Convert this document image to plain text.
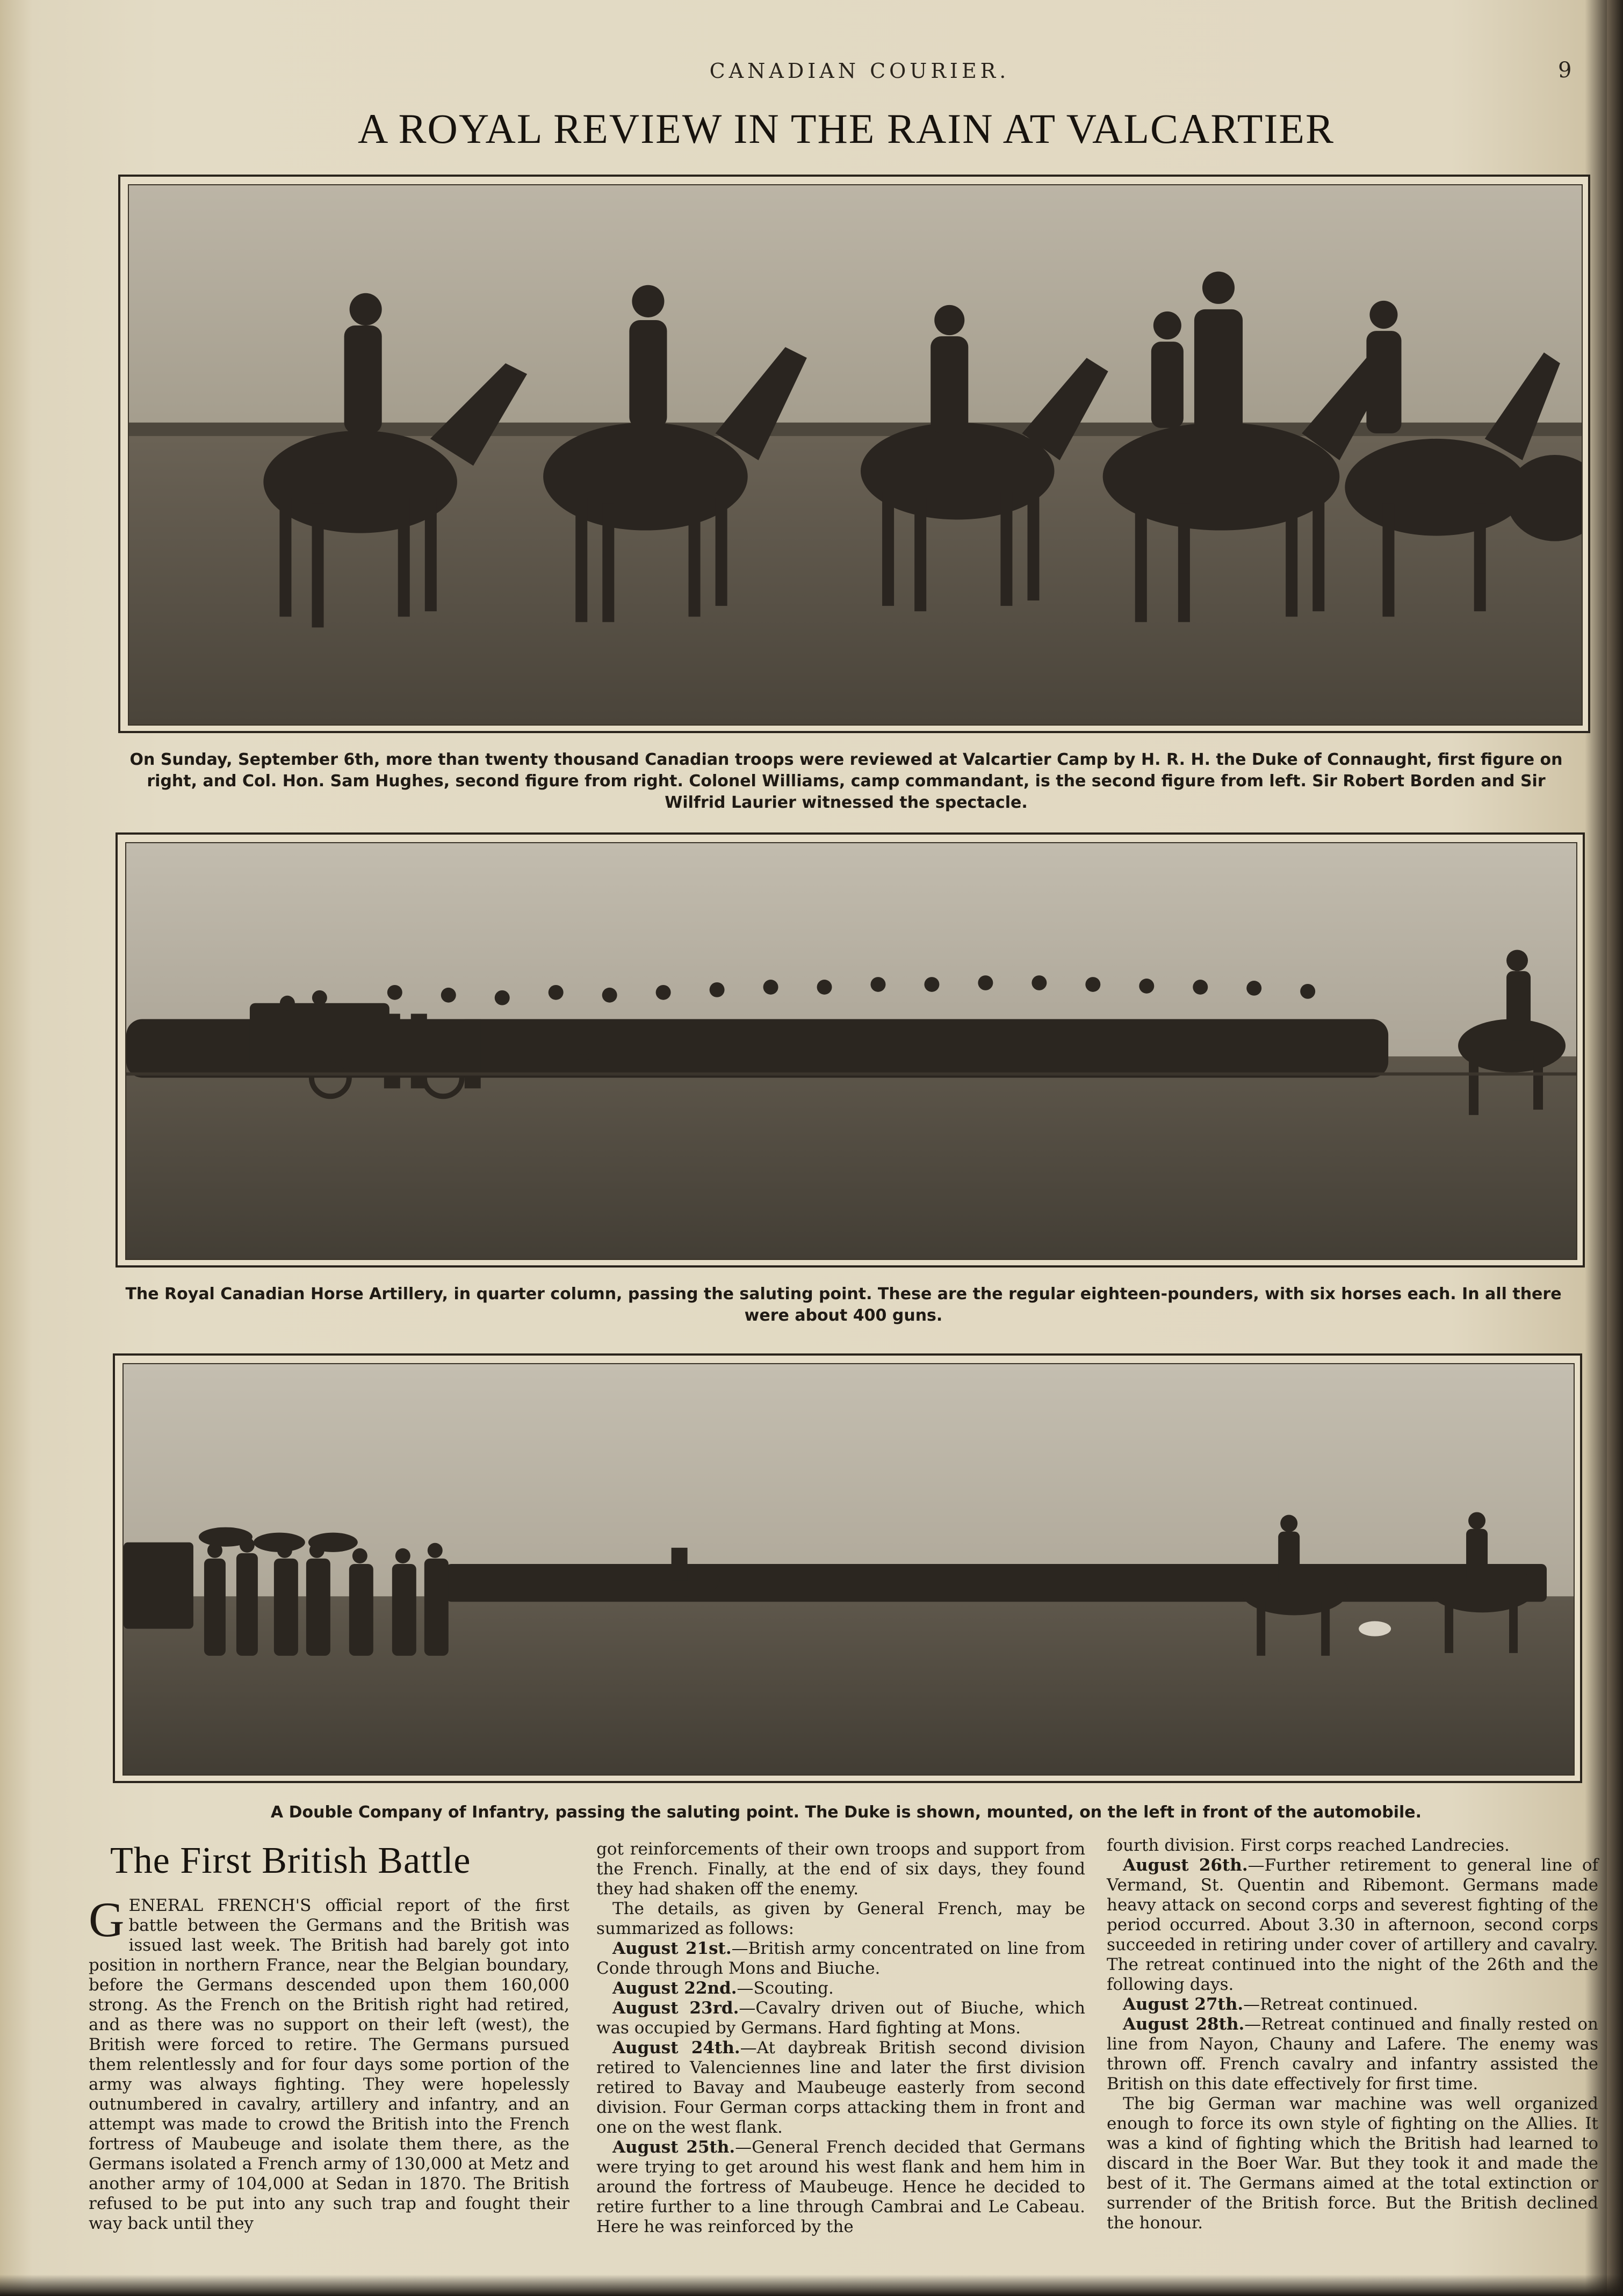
CANADIAN COURIER.	9
A ROYAL REVIEW IN THE RAIN AT VALCARTIER
On Sunday, September 6th, more than twenty thousand Canadian troops were reviewed at Valcartier Camp by H. R. H. the Duke of Connaught, first figure on right, and Col. Hon. Sam Hughes, second figure from right. Colonel Williams, camp commandant, is the second figure from left. Sir Robert Borden and Sir Wilfrid Laurier witnessed the spectacle.
The Royal Canadian Horse Artillery, in quarter column, passing the saluting point. These are the regular eighteen-pounders, with six horses each. In all there were about 400 guns.
A Double Company of Infantry, passing the saluting point. The Duke is shown, mounted, on the left in front of the automobile.
The First British Battle

GENERAL FRENCH'S official report of the first battle between the Germans and the British was issued last week. The British had barely got into position in northern France, near the Belgian boundary, before the Germans descended upon them 160,000 strong. As the French on the British right had retired, and as there was no support on their left (west), the British were forced to retire. The Germans pursued them relentlessly and for four days some portion of the army was always fighting. They were hopelessly outnumbered in cavalry, artillery and infantry, and an attempt was made to crowd the British into the French fortress of Maubeuge and isolate them there, as the Germans isolated a French army of 130,000 at Metz and another army of 104,000 at Sedan in 1870. The British refused to be put into any such trap and fought their way back until they

got reinforcements of their own troops and support from the French. Finally, at the end of six days, they found they had shaken off the enemy.

The details, as given by General French, may be summarized as follows:

August 21st.—British army concentrated on line from Conde through Mons and Biuche.

August 22nd.—Scouting.

August 23rd.—Cavalry driven out of Biuche, which was occupied by Germans. Hard fighting at Mons.

August 24th.—At daybreak British second division retired to Valenciennes line and later the first division retired to Bavay and Maubeuge easterly from second division. Four German corps attacking them in front and one on the west flank.

August 25th.—General French decided that Germans were trying to get around his west flank and hem him in around the fortress of Maubeuge. Hence he decided to retire further to a line through Cambrai and Le Cabeau. Here he was reinforced by the

fourth division. First corps reached Landrecies.

August 26th.—Further retirement to general line of Vermand, St. Quentin and Ribemont. Germans made heavy attack on second corps and severest fighting of the period occurred. About 3.30 in afternoon, second corps succeeded in retiring under cover of artillery and cavalry. The retreat continued into the night of the 26th and the following days.

August 27th.—Retreat continued.

August 28th.—Retreat continued and finally rested on line from Nayon, Chauny and Lafere. The enemy was thrown off. French cavalry and infantry assisted the British on this date effectively for first time.

The big German war machine was well organized enough to force its own style of fighting on the Allies. It was a kind of fighting which the British had learned to discard in the Boer War. But they took it and made the best of it. The Germans aimed at the total extinction or surrender of the British force. But the British declined the honour.
